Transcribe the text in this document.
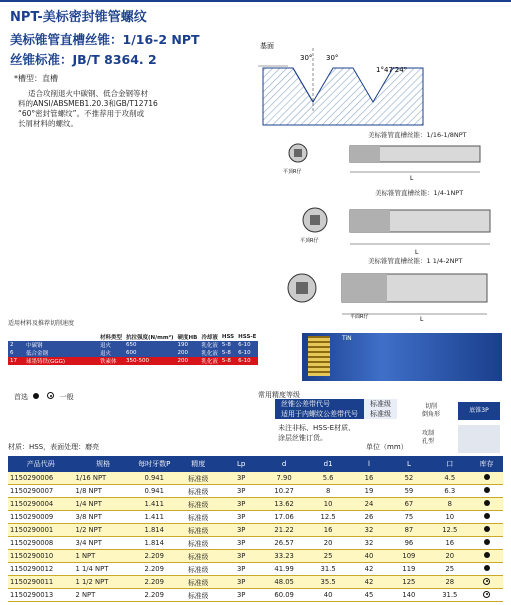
NPT-美标密封锥管螺纹
美标锥管直槽丝锥：1/16-2 NPT
丝锥标准：JB/T 8364. 2
*槽型：直槽
适合攻削退火中碳钢、低合金钢等材
料的ANSI/ABSMEB1.20.3和GB/T12716
“60°密封管螺纹”。不推荐用于攻削或
长屑材料的螺纹。
基面
30° 30°
1°47'24"
美标锥管直槽丝锥：1/16-1/8NPT
平顶R仔
L
美标锥管直槽丝锥：1/4-1NPT
平顶R仔
L
美标锥管直槽丝锥：1 1/4-2NPT
L
平面R仔
适用材料及推荐切削速度
		材料类型	抗拉强度(N/mm²)	硬度HB	冷却液	HSS	HSS-E
2	中碳钢	退火	650	190	乳化液	5-8	6-10
6	低合金钢	退火	600	200	乳化液	5-8	6-10
17	球墨铸铁(GGG)	铁素体	350-500	200	乳化液	5-8	6-10
TiN
首选	一般	常用精度等级
丝锥公差带代号	标准级
适用于内螺纹公差带代号	标准级
未注非标、HSS-E材质、
涂层丝锥订货。
切削
倒角形
底锥3P
攻制
孔型
材质：HSS，表面处理：磨亮	单位（mm）
产品代码	规格	每吋牙数P	精度	Lp	d	d1	l	L	口	库存
1150290006	1/16 NPT	0.941	标准级	3P	7.90	5.6	16	52	4.5	
1150290007	1/8 NPT	0.941	标准级	3P	10.27	8	19	59	6.3	
1150290004	1/4 NPT	1.411	标准级	3P	13.62	10	24	67	8	
1150290009	3/8 NPT	1.411	标准级	3P	17.06	12.5	26	75	10	
1150290001	1/2 NPT	1.814	标准级	3P	21.22	16	32	87	12.5	
1150290008	3/4 NPT	1.814	标准级	3P	26.57	20	32	96	16	
1150290010	1 NPT	2.209	标准级	3P	33.23	25	40	109	20	
1150290012	1 1/4 NPT	2.209	标准级	3P	41.99	31.5	42	119	25	
1150290011	1 1/2 NPT	2.209	标准级	3P	48.05	35.5	42	125	28	
1150290013	2 NPT	2.209	标准级	3P	60.09	40	45	140	31.5	
